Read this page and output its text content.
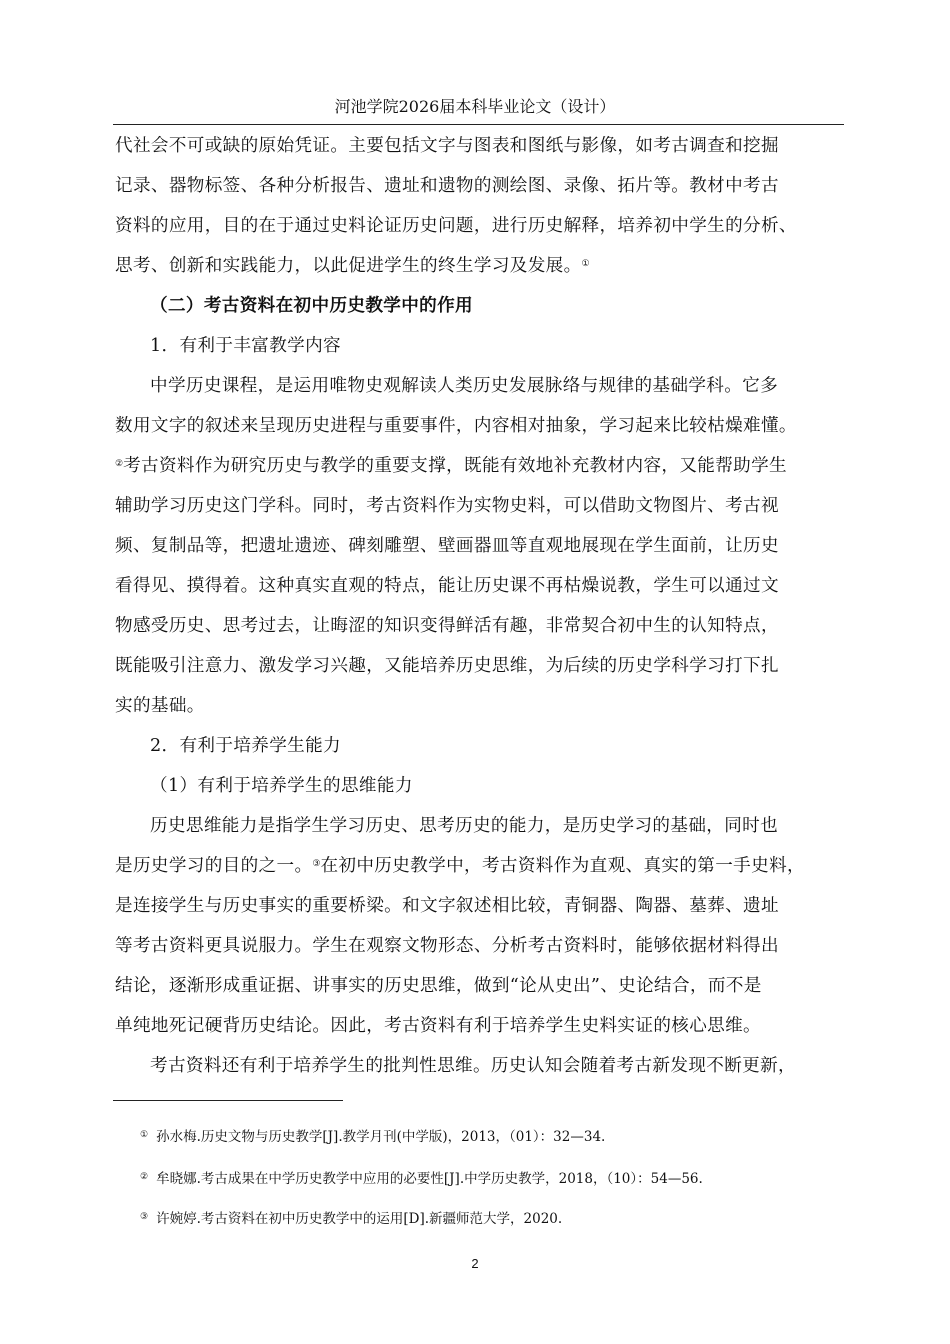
河池学院2026届本科毕业论文（设计）
代社会不可或缺的原始凭证。主要包括文字与图表和图纸与影像，如考古调查和挖掘
记录、器物标签、各种分析报告、遗址和遗物的测绘图、录像、拓片等。教材中考古
资料的应用，目的在于通过史料论证历史问题，进行历史解释，培养初中学生的分析、
思考、创新和实践能力，以此促进学生的终生学习及发展。①
（二）考古资料在初中历史教学中的作用
1．有利于丰富教学内容
中学历史课程，是运用唯物史观解读人类历史发展脉络与规律的基础学科。它多
数用文字的叙述来呈现历史进程与重要事件，内容相对抽象，学习起来比较枯燥难懂。
②考古资料作为研究历史与教学的重要支撑，既能有效地补充教材内容，又能帮助学生
辅助学习历史这门学科。同时，考古资料作为实物史料，可以借助文物图片、考古视
频、复制品等，把遗址遗迹、碑刻雕塑、壁画器皿等直观地展现在学生面前，让历史
看得见、摸得着。这种真实直观的特点，能让历史课不再枯燥说教，学生可以通过文
物感受历史、思考过去，让晦涩的知识变得鲜活有趣，非常契合初中生的认知特点，
既能吸引注意力、激发学习兴趣，又能培养历史思维，为后续的历史学科学习打下扎
实的基础。
2．有利于培养学生能力
（1）有利于培养学生的思维能力
历史思维能力是指学生学习历史、思考历史的能力，是历史学习的基础，同时也
是历史学习的目的之一。③在初中历史教学中，考古资料作为直观、真实的第一手史料，
是连接学生与历史事实的重要桥梁。和文字叙述相比较，青铜器、陶器、墓葬、遗址
等考古资料更具说服力。学生在观察文物形态、分析考古资料时，能够依据材料得出
结论，逐渐形成重证据、讲事实的历史思维，做到“论从史出”、史论结合，而不是
单纯地死记硬背历史结论。因此，考古资料有利于培养学生史料实证的核心思维。
考古资料还有利于培养学生的批判性思维。历史认知会随着考古新发现不断更新，
① 孙水梅.历史文物与历史教学[J].教学月刊(中学版)，2013，（01）：32—34.
② 牟晓娜.考古成果在中学历史教学中应用的必要性[J].中学历史教学，2018，（10）：54—56.
③ 许婉婷.考古资料在初中历史教学中的运用[D].新疆师范大学，2020.
2
